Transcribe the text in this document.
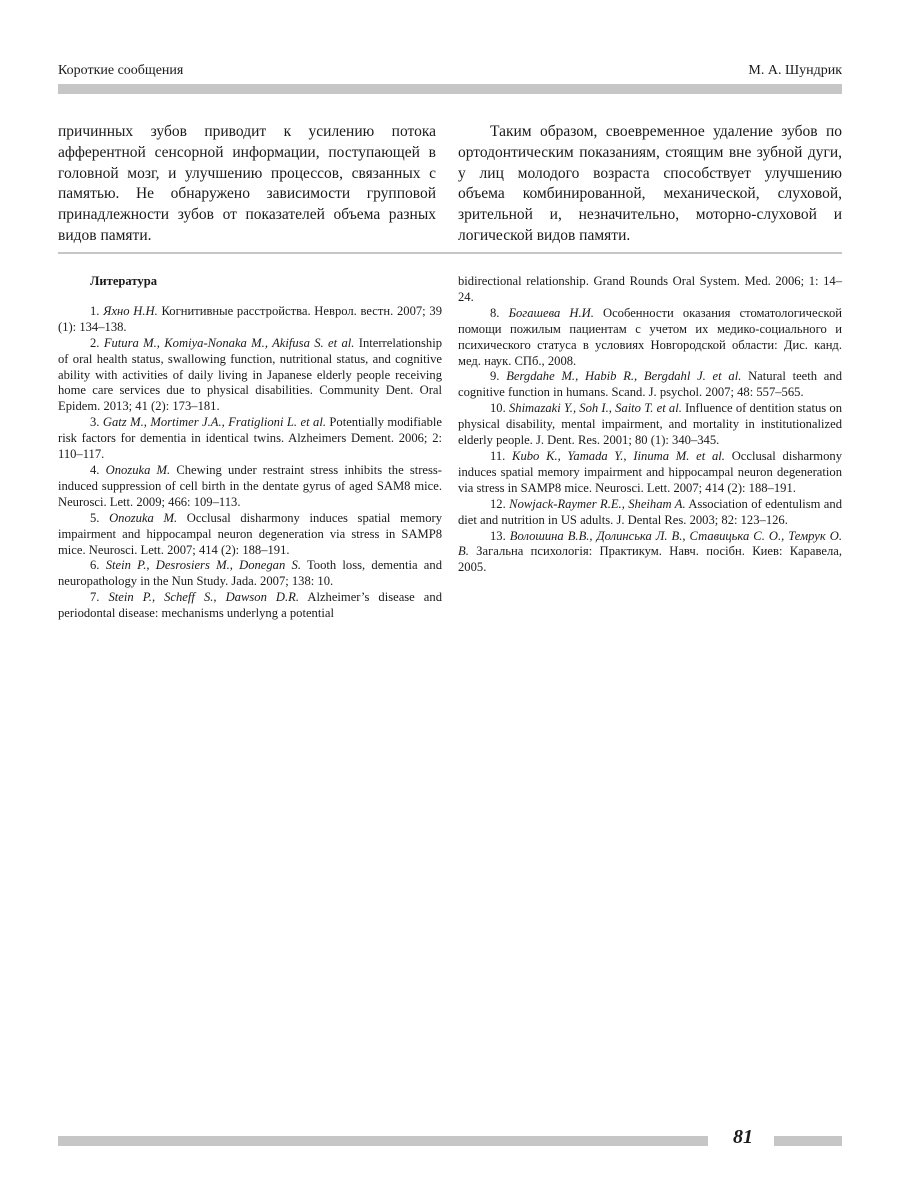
Короткие сообщения	М. А. Шундрик

причинных зубов приводит к усилению потока афферентной сенсорной информации, поступающей в головной мозг, и улучшению процессов, связанных с памятью. Не обнаружено зависимости групповой принадлежности зубов от показателей объема разных видов памяти.

Таким образом, своевременное удаление зубов по ортодонтическим показаниям, стоящим вне зубной дуги, у лиц молодого возраста способствует улучшению объема комбинированной, механической, слуховой, зрительной и, незначительно, моторно-слуховой и логической видов памяти.

Литература

1. Яхно Н.Н. Когнитивные расстройства. Неврол. вестн. 2007; 39 (1): 134–138.

2. Futura M., Komiya-Nonaka M., Akifusa S. et al. Interrelationship of oral health status, swallowing function, nutritional status, and cognitive ability with activities of daily living in Japanese elderly people receiving home care services due to physical disabilities. Community Dent. Oral Epidem. 2013; 41 (2): 173–181.

3. Gatz M., Mortimer J.A., Fratiglioni L. et al. Potentially modifiable risk factors for dementia in identical twins. Alzheimers Dement. 2006; 2: 110–117.

4. Onozuka M. Chewing under restraint stress inhibits the stress-induced suppression of cell birth in the dentate gyrus of aged SAM8 mice. Neurosci. Lett. 2009; 466: 109–113.

5. Onozuka M. Occlusal disharmony induces spatial memory impairment and hippocampal neuron degeneration via stress in SAMP8 mice. Neurosci. Lett. 2007; 414 (2): 188–191.

6. Stein P., Desrosiers M., Donegan S. Tooth loss, dementia and neuropathology in the Nun Study. Jada. 2007; 138: 10.

7. Stein P., Scheff S., Dawson D.R. Alzheimer’s disease and periodontal disease: mechanisms underlyng a potential

bidirectional relationship. Grand Rounds Oral System. Med. 2006; 1: 14–24.

8. Богашева Н.И. Особенности оказания стоматологической помощи пожилым пациентам с учетом их медико-социального и психического статуса в условиях Новгородской области: Дис. канд. мед. наук. СПб., 2008.

9. Bergdahe M., Habib R., Bergdahl J. et al. Natural teeth and cognitive function in humans. Scand. J. psychol. 2007; 48: 557–565.

10. Shimazaki Y., Soh I., Saito T. et al. Influence of dentition status on physical disability, mental impairment, and mortality in institutionalized elderly people. J. Dent. Res. 2001; 80 (1): 340–345.

11. Kubo K., Yamada Y., Iinuma M. et al. Occlusal disharmony induces spatial memory impairment and hippocampal neuron degeneration via stress in SAMP8 mice. Neurosci. Lett. 2007; 414 (2): 188–191.

12. Nowjack-Raymer R.E., Sheiham A. Association of edentulism and diet and nutrition in US adults. J. Dental Res. 2003; 82: 123–126.

13. Волошина В.В., Долинська Л. В., Ставицька С. О., Темрук О. В. Загальна психологія: Практикум. Навч. посібн. Киев: Каравела, 2005.

81
